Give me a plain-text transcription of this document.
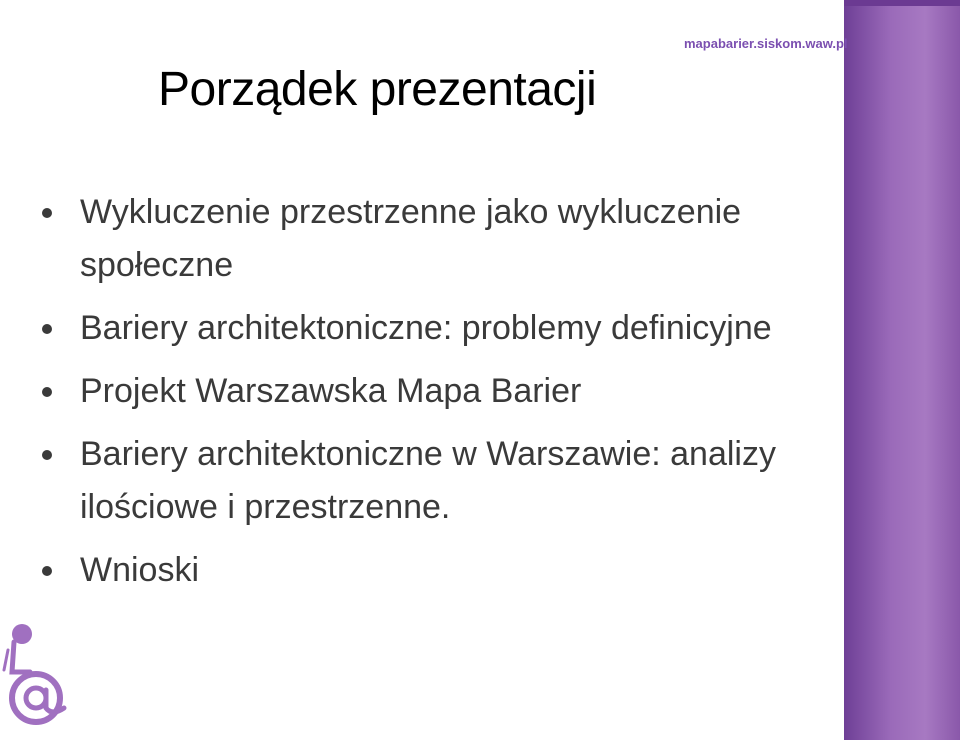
mapabarier.siskom.waw.pl
Porządek prezentacji
Wykluczenie przestrzenne jako wykluczenie społeczne
Bariery architektoniczne: problemy definicyjne
Projekt Warszawska Mapa Barier
Bariery architektoniczne w Warszawie: analizy ilościowe i przestrzenne.
Wnioski
